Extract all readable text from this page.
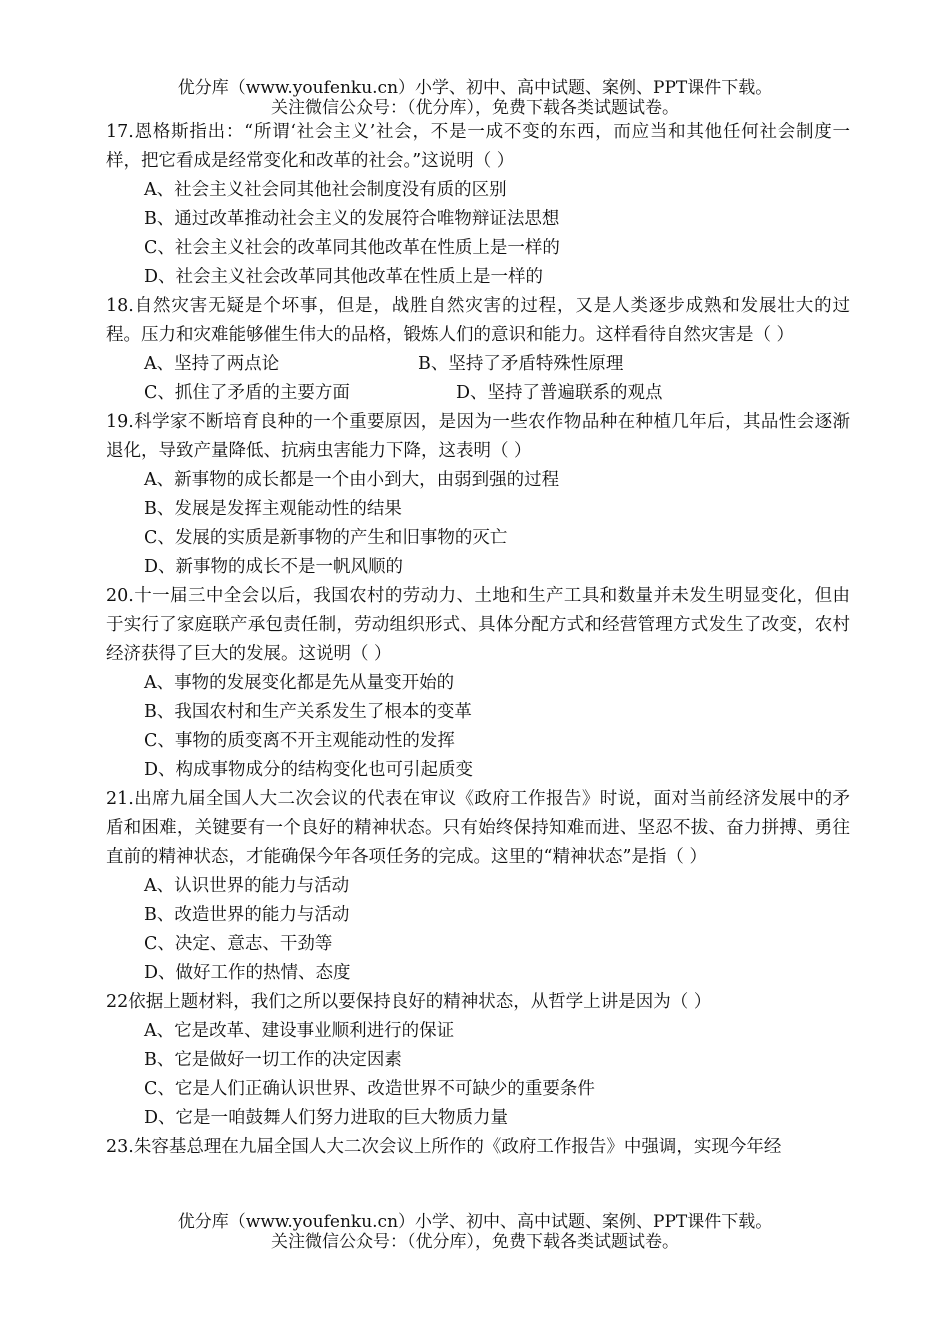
优分库（www.youfenku.cn）小学、初中、高中试题、案例、PPT课件下载。
关注微信公众号：（优分库），免费下载各类试题试卷。

17.恩格斯指出：“所谓‘社会主义’社会，不是一成不变的东西，而应当和其他任何社会制度一样，把它看成是经常变化和改革的社会。”这说明（ ）

A、社会主义社会同其他社会制度没有质的区别

B、通过改革推动社会主义的发展符合唯物辩证法思想

C、社会主义社会的改革同其他改革在性质上是一样的

D、社会主义社会改革同其他改革在性质上是一样的

18.自然灾害无疑是个坏事，但是，战胜自然灾害的过程，又是人类逐步成熟和发展壮大的过程。压力和灾难能够催生伟大的品格，锻炼人们的意识和能力。这样看待自然灾害是（ ）

A、坚持了两点论	B、坚持了矛盾特殊性原理
C、抓住了矛盾的主要方面	D、坚持了普遍联系的观点

19.科学家不断培育良种的一个重要原因，是因为一些农作物品种在种植几年后，其品性会逐渐退化，导致产量降低、抗病虫害能力下降，这表明（ ）

A、新事物的成长都是一个由小到大，由弱到强的过程

B、发展是发挥主观能动性的结果

C、发展的实质是新事物的产生和旧事物的灭亡

D、新事物的成长不是一帆风顺的

20.十一届三中全会以后，我国农村的劳动力、土地和生产工具和数量并未发生明显变化，但由于实行了家庭联产承包责任制，劳动组织形式、具体分配方式和经营管理方式发生了改变，农村经济获得了巨大的发展。这说明（ ）

A、事物的发展变化都是先从量变开始的

B、我国农村和生产关系发生了根本的变革

C、事物的质变离不开主观能动性的发挥

D、构成事物成分的结构变化也可引起质变

21.出席九届全国人大二次会议的代表在审议《政府工作报告》时说，面对当前经济发展中的矛盾和困难，关键要有一个良好的精神状态。只有始终保持知难而进、坚忍不拔、奋力拼搏、勇往直前的精神状态，才能确保今年各项任务的完成。这里的“精神状态”是指（ ）

A、认识世界的能力与活动

B、改造世界的能力与活动

C、决定、意志、干劲等

D、做好工作的热情、态度

22依据上题材料，我们之所以要保持良好的精神状态，从哲学上讲是因为（ ）

A、它是改革、建设事业顺利进行的保证

B、它是做好一切工作的决定因素

C、它是人们正确认识世界、改造世界不可缺少的重要条件

D、它是一咱鼓舞人们努力进取的巨大物质力量

23.朱容基总理在九届全国人大二次会议上所作的《政府工作报告》中强调，实现今年经

优分库（www.youfenku.cn）小学、初中、高中试题、案例、PPT课件下载。
关注微信公众号：（优分库），免费下载各类试题试卷。
